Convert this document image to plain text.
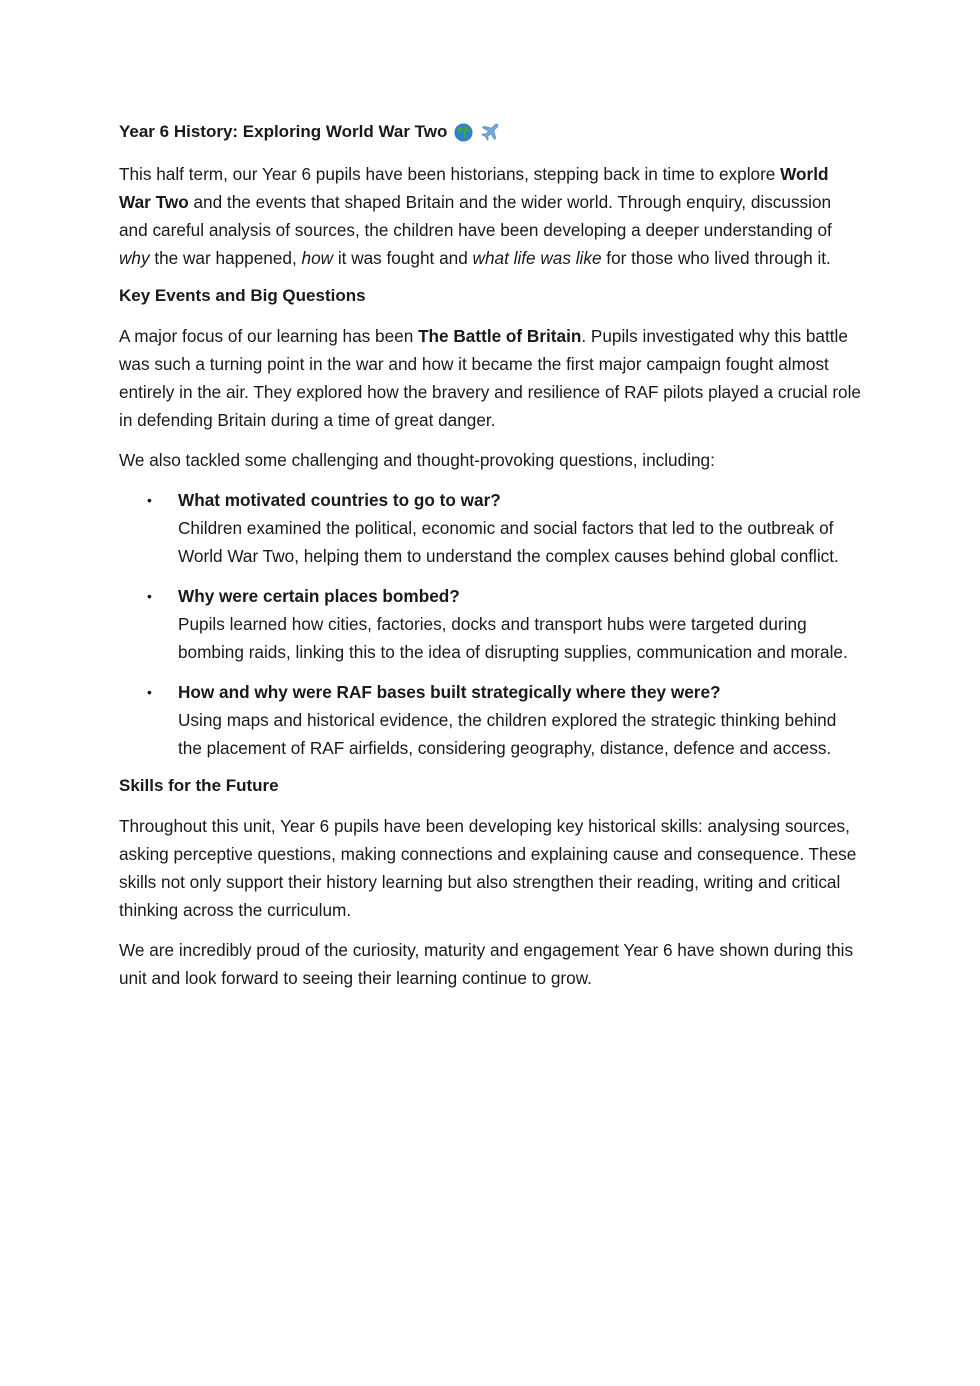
Year 6 History: Exploring World War Two

This half term, our Year 6 pupils have been historians, stepping back in time to explore World War Two and the events that shaped Britain and the wider world. Through enquiry, discussion and careful analysis of sources, the children have been developing a deeper understanding of why the war happened, how it was fought and what life was like for those who lived through it.

Key Events and Big Questions

A major focus of our learning has been The Battle of Britain. Pupils investigated why this battle was such a turning point in the war and how it became the first major campaign fought almost entirely in the air. They explored how the bravery and resilience of RAF pilots played a crucial role in defending Britain during a time of great danger.

We also tackled some challenging and thought-provoking questions, including:

• What motivated countries to go to war?
Children examined the political, economic and social factors that led to the outbreak of World War Two, helping them to understand the complex causes behind global conflict.
• Why were certain places bombed?
Pupils learned how cities, factories, docks and transport hubs were targeted during bombing raids, linking this to the idea of disrupting supplies, communication and morale.
• How and why were RAF bases built strategically where they were?
Using maps and historical evidence, the children explored the strategic thinking behind the placement of RAF airfields, considering geography, distance, defence and access.
Skills for the Future

Throughout this unit, Year 6 pupils have been developing key historical skills: analysing sources, asking perceptive questions, making connections and explaining cause and consequence. These skills not only support their history learning but also strengthen their reading, writing and critical thinking across the curriculum.

We are incredibly proud of the curiosity, maturity and engagement Year 6 have shown during this unit and look forward to seeing their learning continue to grow.
